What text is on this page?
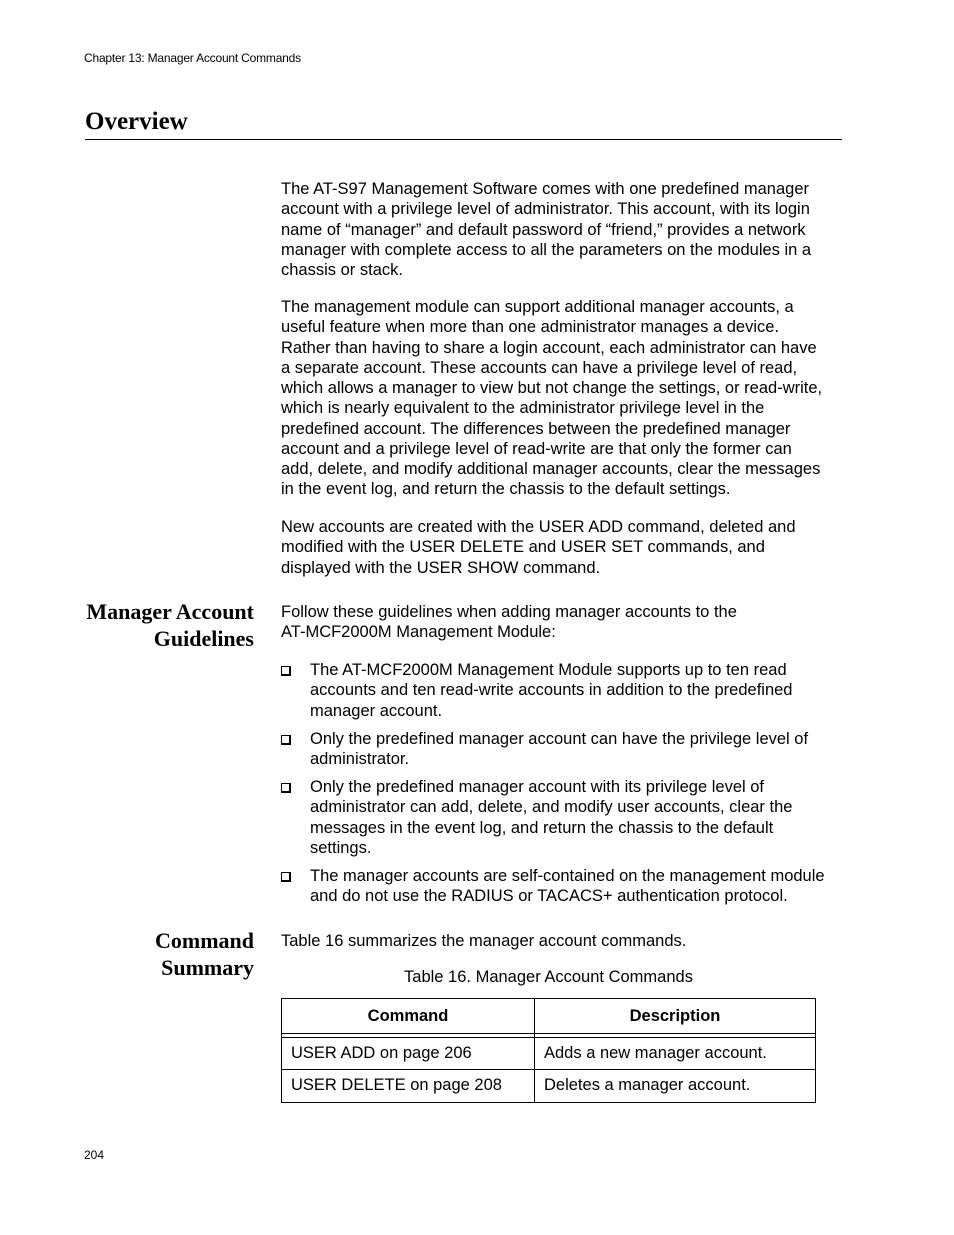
Chapter 13: Manager Account Commands
Overview
The AT-S97 Management Software comes with one predefined manager
account with a privilege level of administrator. This account, with its login
name of “manager” and default password of “friend,” provides a network
manager with complete access to all the parameters on the modules in a
chassis or stack.
The management module can support additional manager accounts, a
useful feature when more than one administrator manages a device.
Rather than having to share a login account, each administrator can have
a separate account. These accounts can have a privilege level of read,
which allows a manager to view but not change the settings, or read-write,
which is nearly equivalent to the administrator privilege level in the
predefined account. The differences between the predefined manager
account and a privilege level of read-write are that only the former can
add, delete, and modify additional manager accounts, clear the messages
in the event log, and return the chassis to the default settings.
New accounts are created with the USER ADD command, deleted and
modified with the USER DELETE and USER SET commands, and
displayed with the USER SHOW command.
Manager Account
Guidelines
Follow these guidelines when adding manager accounts to the
AT-MCF2000M Management Module:
The AT-MCF2000M Management Module supports up to ten read
accounts and ten read-write accounts in addition to the predefined
manager account.
Only the predefined manager account can have the privilege level of
administrator.
Only the predefined manager account with its privilege level of
administrator can add, delete, and modify user accounts, clear the
messages in the event log, and return the chassis to the default
settings.
The manager accounts are self-contained on the management module
and do not use the RADIUS or TACACS+ authentication protocol.
Command
Summary
Table 16 summarizes the manager account commands.
Table 16. Manager Account Commands
Command	Description
USER ADD on page 206	Adds a new manager account.
USER DELETE on page 208	Deletes a manager account.
204
